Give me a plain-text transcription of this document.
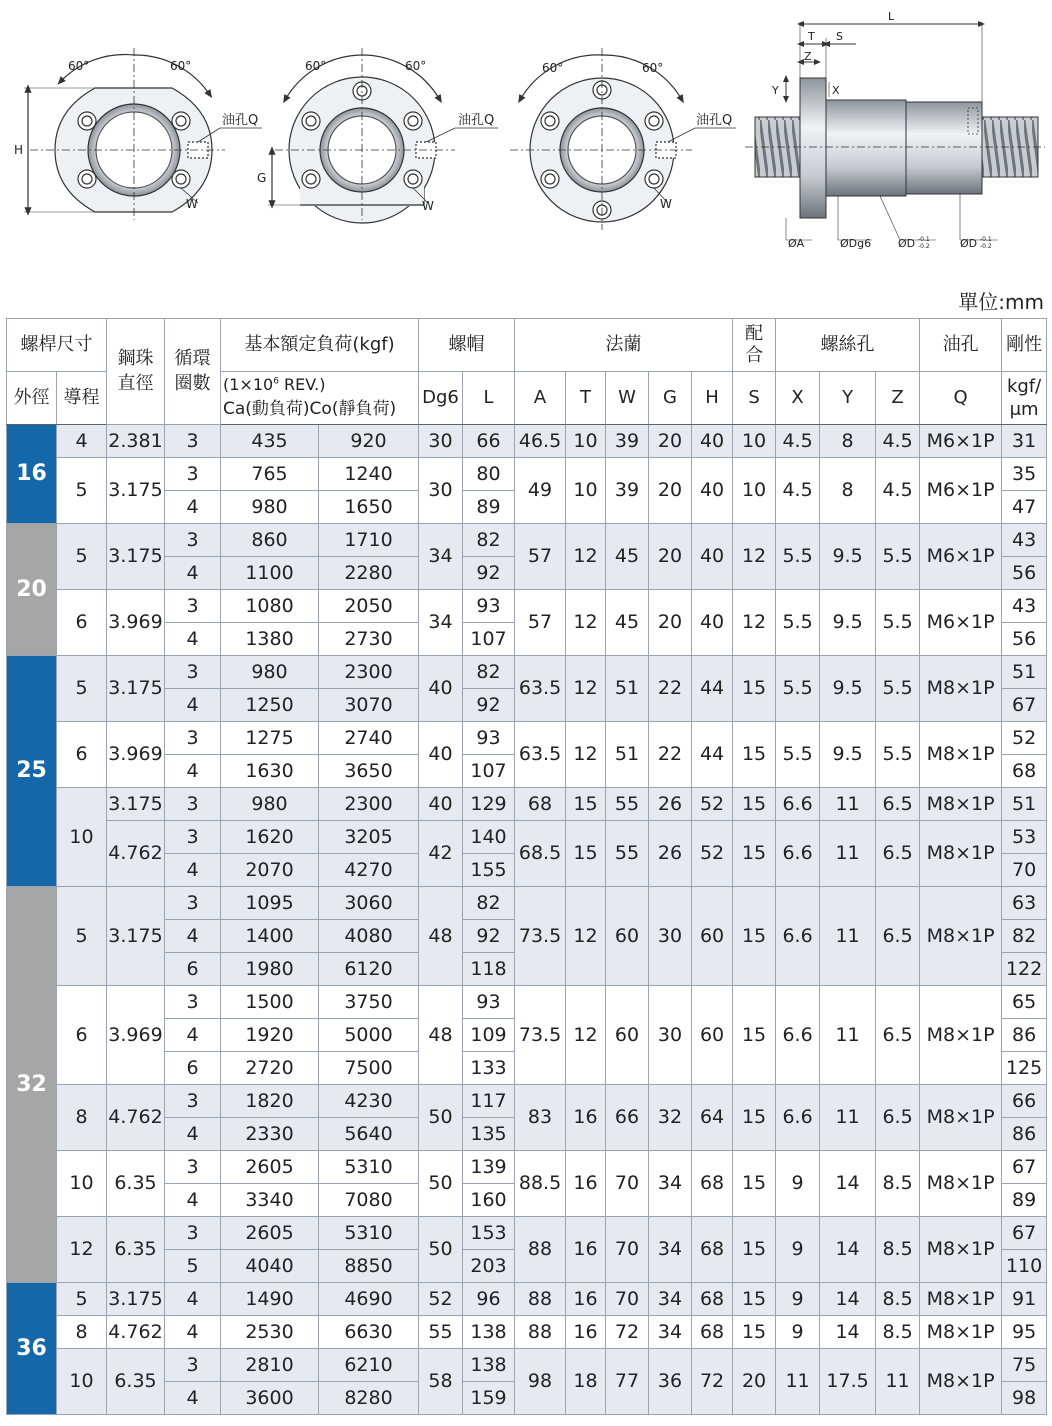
60°	60°	60°	60°	60°	60°
油孔Q	油孔Q	油孔Q
W	W	W
H
G
L
T S
Z
Y	X
ØA	ØDg6 ØD -0.1
-0.2	ØD -0.1
-0.2
單位:mm
螺桿尺寸		鋼珠直徑	循環圈數	基本額定負荷(kgf)		螺帽		法蘭					配合	螺絲孔			油孔	剛性
外徑	導程			($1\times 10^6$ REV.)
Ca(動負荷)Co(靜負荷)		Dg6	L	A	T	W	G	H	S	X	Y	Z	Q	kgf/
μm
16	4	2.381	3	435	920	30	66	46.5	10	39	20	40	10	4.5	8	4.5	M6×1P	31
	5	3.175	3	765	1240	30	80	49	10	39	20	40	10	4.5	8	4.5	M6×1P	35
			4	980	1650		89											47
20	5	3.175	3	860	1710	34	82	57	12	45	20	40	12	5.5	9.5	5.5	M6×1P	43
			4	1100	2280		92											56
	6	3.969	3	1080	2050	34	93	57	12	45	20	40	12	5.5	9.5	5.5	M6×1P	43
			4	1380	2730		107											56
25	5	3.175	3	980	2300	40	82	63.5	12	51	22	44	15	5.5	9.5	5.5	M8×1P	51
			4	1250	3070		92											67
	6	3.969	3	1275	2740	40	93	63.5	12	51	22	44	15	5.5	9.5	5.5	M8×1P	52
			4	1630	3650		107											68
	10	3.175	3	980	2300	40	129	68	15	55	26	52	15	6.6	11	6.5	M8×1P	51
		4.762	3	1620	3205	42	140	68.5	15	55	26	52	15	6.6	11	6.5	M8×1P	53
			4	2070	4270		155											70
32	5	3.175	3	1095	3060	48	82	73.5	12	60	30	60	15	6.6	11	6.5	M8×1P	63
			4	1400	4080		92											82
			6	1980	6120		118											122
	6	3.969	3	1500	3750	48	93	73.5	12	60	30	60	15	6.6	11	6.5	M8×1P	65
			4	1920	5000		109											86
			6	2720	7500		133											125
	8	4.762	3	1820	4230	50	117	83	16	66	32	64	15	6.6	11	6.5	M8×1P	66
			4	2330	5640		135											86
	10	6.35	3	2605	5310	50	139	88.5	16	70	34	68	15	9	14	8.5	M8×1P	67
			4	3340	7080		160											89
	12	6.35	3	2605	5310	50	153	88	16	70	34	68	15	9	14	8.5	M8×1P	67
			5	4040	8850		203											110
36	5	3.175	4	1490	4690	52	96	88	16	70	34	68	15	9	14	8.5	M8×1P	91
	8	4.762	4	2530	6630	55	138	88	16	72	34	68	15	9	14	8.5	M8×1P	95
	10	6.35	3	2810	6210	58	138	98	18	77	36	72	20	11	17.5	11	M8×1P	75
			4	3600	8280		159											98
